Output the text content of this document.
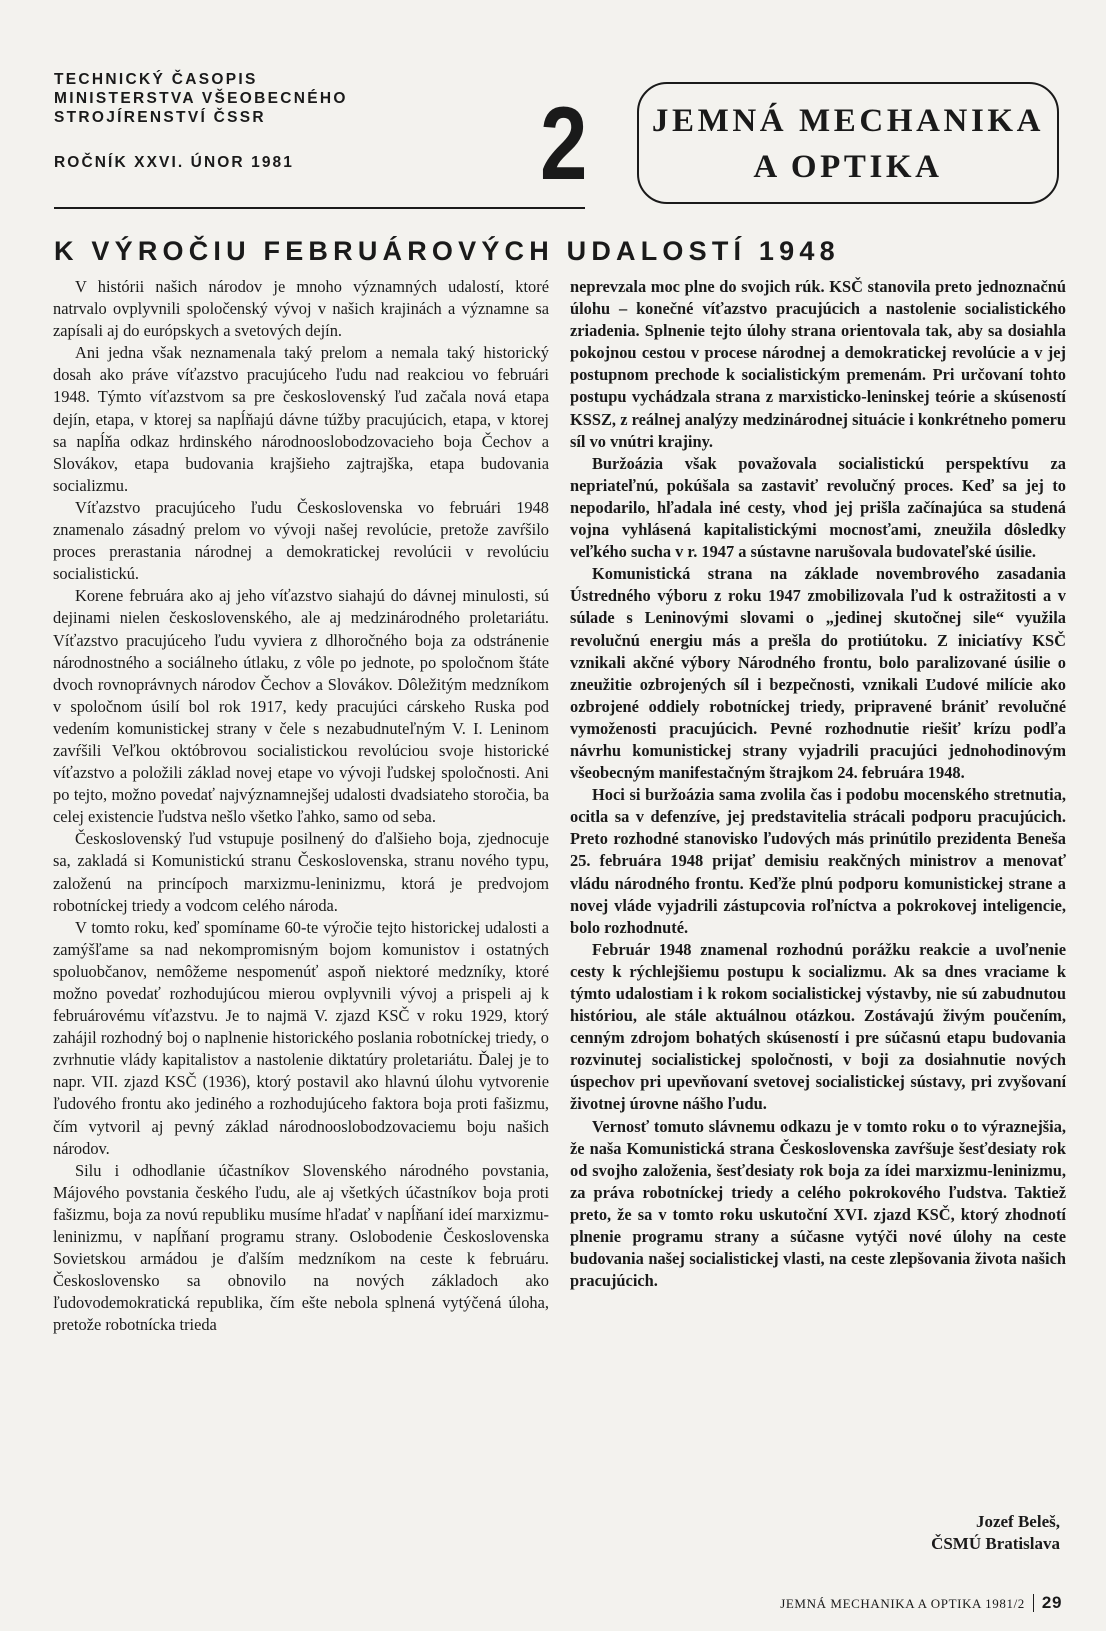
TECHNICKÝ ČASOPIS
MINISTERSTVA VŠEOBECNÉHO
STROJÍRENSTVÍ ČSSR
ROČNÍK XXVI. ÚNOR 1981 2	JEMNÁ MECHANIKA
A OPTIKA
K VÝROČIU FEBRUÁROVÝCH UDALOSTÍ 1948

V histórii našich národov je mnoho významných udalostí, ktoré natrvalo ovplyvnili spoločenský vývoj v našich krajinách a významne sa zapísali aj do európskych a svetových dejín.

Ani jedna však neznamenala taký prelom a nemala taký historický dosah ako práve víťazstvo pracujúceho ľudu nad reakciou vo februári 1948. Týmto víťazstvom sa pre československý ľud začala nová etapa dejín, etapa, v ktorej sa napĺňajú dávne túžby pracujúcich, etapa, v ktorej sa napĺňa odkaz hrdinského národnooslobodzovacieho boja Čechov a Slovákov, etapa budovania krajšieho zajtrajška, etapa budovania socializmu.

Víťazstvo pracujúceho ľudu Československa vo februári 1948 znamenalo zásadný prelom vo vývoji našej revolúcie, pretože zavŕšilo proces prerastania národnej a demokratickej revolúcii v revolúciu socialistickú.

Korene februára ako aj jeho víťazstvo siahajú do dávnej minulosti, sú dejinami nielen československého, ale aj medzinárodného proletariátu. Víťazstvo pracujúceho ľudu vyviera z dlhoročného boja za odstránenie národnostného a sociálneho útlaku, z vôle po jednote, po spoločnom štáte dvoch rovnoprávnych národov Čechov a Slovákov. Dôležitým medzníkom v spoločnom úsilí bol rok 1917, kedy pracujúci cárskeho Ruska pod vedením komunistickej strany v čele s nezabudnuteľným V. I. Leninom zavŕšili Veľkou októbrovou socialistickou revolúciou svoje historické víťazstvo a položili základ novej etape vo vývoji ľudskej spoločnosti. Ani po tejto, možno povedať najvýznamnejšej udalosti dvadsiateho storočia, ba celej existencie ľudstva nešlo všetko ľahko, samo od seba.

Československý ľud vstupuje posilnený do ďalšieho boja, zjednocuje sa, zakladá si Komunistickú stranu Československa, stranu nového typu, založenú na princípoch marxizmu-leninizmu, ktorá je predvojom robotníckej triedy a vodcom celého národa.

V tomto roku, keď spomíname 60-te výročie tejto historickej udalosti a zamýšľame sa nad nekompromisným bojom komunistov i ostatných spoluobčanov, nemôžeme nespomenúť aspoň niektoré medzníky, ktoré možno povedať rozhodujúcou mierou ovplyvnili vývoj a prispeli aj k februárovému víťazstvu. Je to najmä V. zjazd KSČ v roku 1929, ktorý zahájil rozhodný boj o naplnenie historického poslania robotníckej triedy, o zvrhnutie vlády kapitalistov a nastolenie diktatúry proletariátu. Ďalej je to napr. VII. zjazd KSČ (1936), ktorý postavil ako hlavnú úlohu vytvorenie ľudového frontu ako jediného a rozhodujúceho faktora boja proti fašizmu, čím vytvoril aj pevný základ národnooslobodzovaciemu boju našich národov.

Silu i odhodlanie účastníkov Slovenského národného povstania, Májového povstania českého ľudu, ale aj všetkých účastníkov boja proti fašizmu, boja za novú republiku musíme hľadať v napĺňaní ideí marxizmu-leninizmu, v napĺňaní programu strany. Oslobodenie Československa Sovietskou armádou je ďalším medzníkom na ceste k februáru. Československo sa obnovilo na nových základoch ako ľudovodemokratická republika, čím ešte nebola splnená vytýčená úloha, pretože robotnícka trieda

neprevzala moc plne do svojich rúk. KSČ stanovila preto jednoznačnú úlohu – konečné víťazstvo pracujúcich a nastolenie socialistického zriadenia. Splnenie tejto úlohy strana orientovala tak, aby sa dosiahla pokojnou cestou v procese národnej a demokratickej revolúcie a v jej postupnom prechode k socialistickým premenám. Pri určovaní tohto postupu vychádzala strana z marxisticko-leninskej teórie a skúseností KSSZ, z reálnej analýzy medzinárodnej situácie i konkrétneho pomeru síl vo vnútri krajiny.

Buržoázia však považovala socialistickú perspektívu za nepriateľnú, pokúšala sa zastaviť revolučný proces. Keď sa jej to nepodarilo, hľadala iné cesty, vhod jej prišla začínajúca sa studená vojna vyhlásená kapitalistickými mocnosťami, zneužila dôsledky veľkého sucha v r. 1947 a sústavne narušovala budovateľské úsilie.

Komunistická strana na základe novembrového zasadania Ústredného výboru z roku 1947 zmobilizovala ľud k ostražitosti a v súlade s Leninovými slovami o „jedinej skutočnej sile“ využila revolučnú energiu más a prešla do protiútoku. Z iniciatívy KSČ vznikali akčné výbory Národného frontu, bolo paralizované úsilie o zneužitie ozbrojených síl i bezpečnosti, vznikali Ľudové milície ako ozbrojené oddiely robotníckej triedy, pripravené brániť revolučné vymoženosti pracujúcich. Pevné rozhodnutie riešiť krízu podľa návrhu komunistickej strany vyjadrili pracujúci jednohodinovým všeobecným manifestačným štrajkom 24. februára 1948.

Hoci si buržoázia sama zvolila čas i podobu mocenského stretnutia, ocitla sa v defenzíve, jej predstavitelia strácali podporu pracujúcich. Preto rozhodné stanovisko ľudových más prinútilo prezidenta Beneša 25. februára 1948 prijať demisiu reakčných ministrov a menovať vládu národného frontu. Keďže plnú podporu komunistickej strane a novej vláde vyjadrili zástupcovia roľníctva a pokrokovej inteligencie, bolo rozhodnuté.

Február 1948 znamenal rozhodnú porážku reakcie a uvoľnenie cesty k rýchlejšiemu postupu k socializmu. Ak sa dnes vraciame k týmto udalostiam i k rokom socialistickej výstavby, nie sú zabudnutou históriou, ale stále aktuálnou otázkou. Zostávajú živým poučením, cenným zdrojom bohatých skúseností i pre súčasnú etapu budovania rozvinutej socialistickej spoločnosti, v boji za dosiahnutie nových úspechov pri upevňovaní svetovej socialistickej sústavy, pri zvyšovaní životnej úrovne nášho ľudu.

Vernosť tomuto slávnemu odkazu je v tomto roku o to výraznejšia, že naša Komunistická strana Československa zavŕšuje šesťdesiaty rok od svojho založenia, šesťdesiaty rok boja za ídei marxizmu-leninizmu, za práva robotníckej triedy a celého pokrokového ľudstva. Taktiež preto, že sa v tomto roku uskutoční XVI. zjazd KSČ, ktorý zhodnotí plnenie programu strany a súčasne vytýči nové úlohy na ceste budovania našej socialistickej vlasti, na ceste zlepšovania života našich pracujúcich.

Jozef Beleš,
ČSMÚ Bratislava
JEMNÁ MECHANIKA A OPTIKA 1981/2 29
